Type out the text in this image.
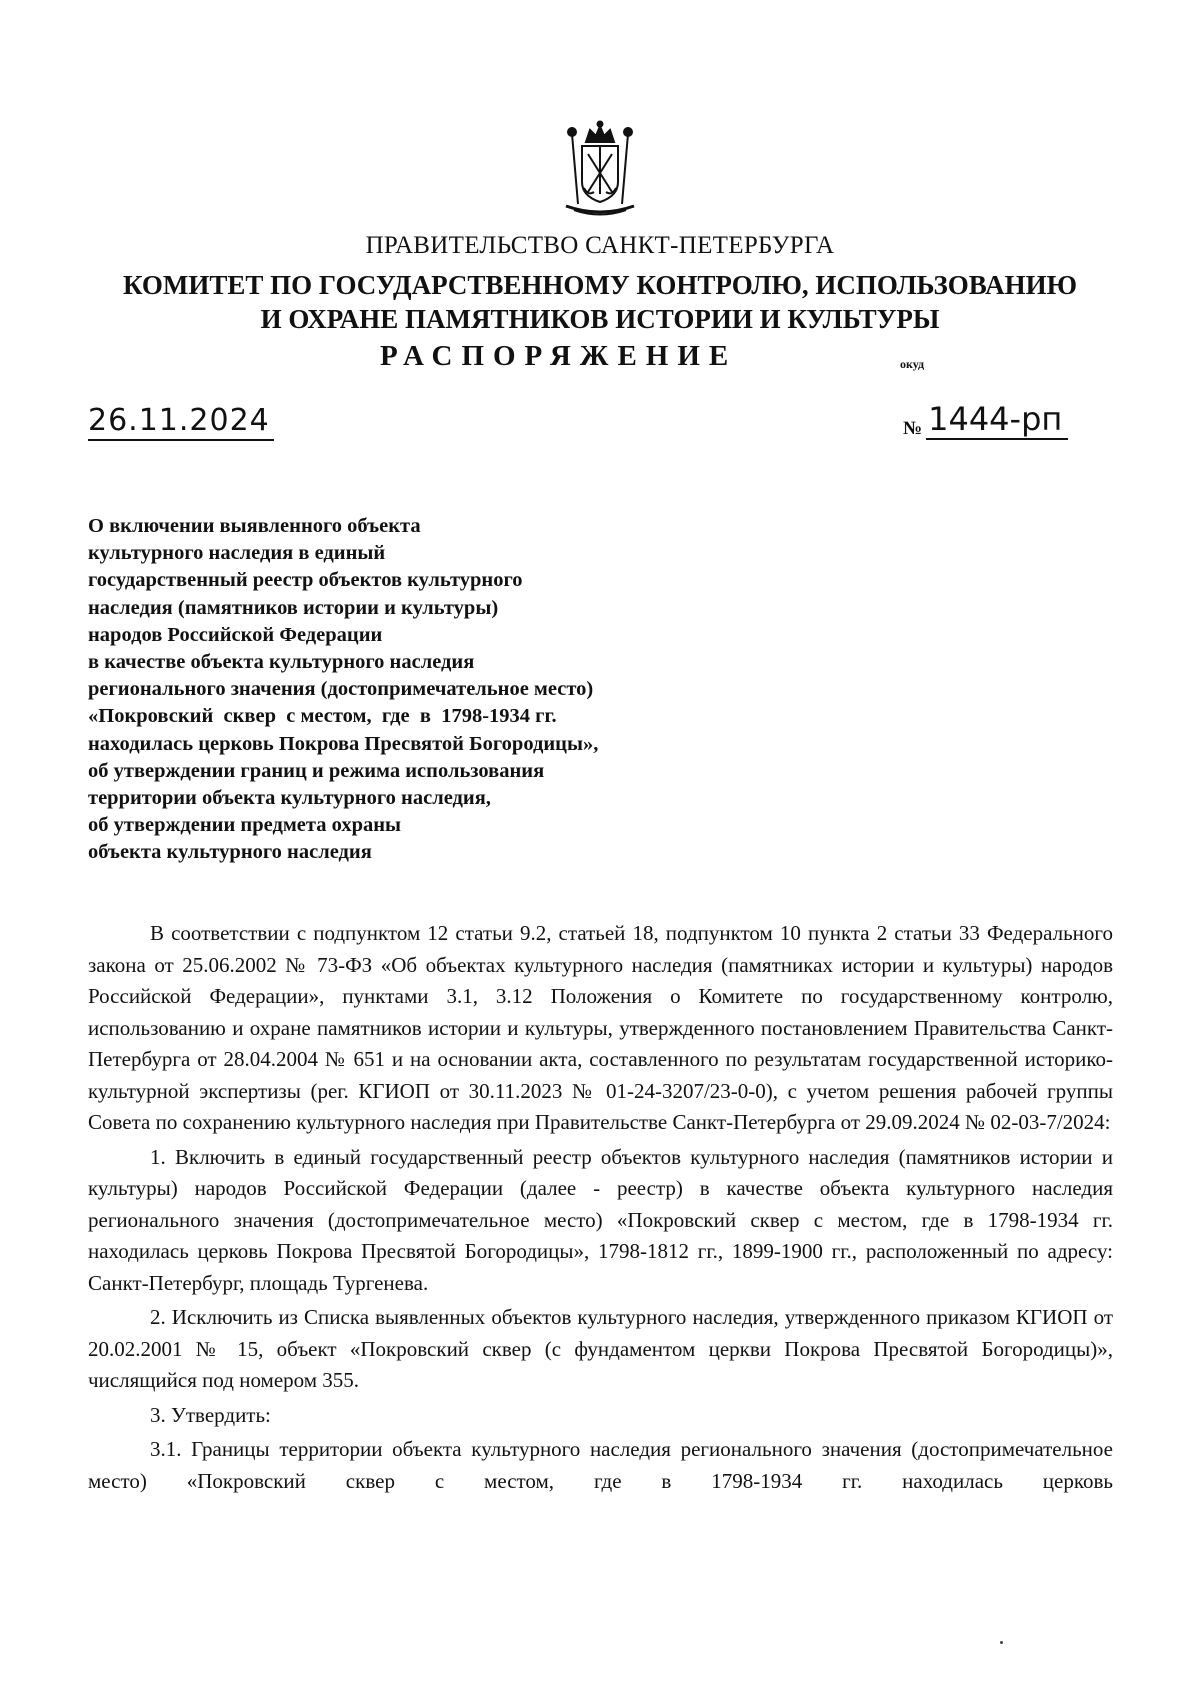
ПРАВИТЕЛЬСТВО САНКТ-ПЕТЕРБУРГА
КОМИТЕТ ПО ГОСУДАРСТВЕННОМУ КОНТРОЛЮ, ИСПОЛЬЗОВАНИЮ
И ОХРАНЕ ПАМЯТНИКОВ ИСТОРИИ И КУЛЬТУРЫ
РАСПОРЯЖЕНИЕ	окуд
26.11.2024	№ 1444-рп
О включении выявленного объекта
культурного наследия в единый
государственный реестр объектов культурного
наследия (памятников истории и культуры)
народов Российской Федерации
в качестве объекта культурного наследия
регионального значения (достопримечательное место)
«Покровский  сквер  с местом,  где  в  1798-1934 гг.
находилась церковь Покрова Пресвятой Богородицы»,
об утверждении границ и режима использования
территории объекта культурного наследия,
об утверждении предмета охраны
объекта культурного наследия

В соответствии с подпунктом 12 статьи 9.2, статьей 18, подпунктом 10 пункта 2 статьи 33 Федерального закона от 25.06.2002 № 73-ФЗ «Об объектах культурного наследия (памятниках истории и культуры) народов Российской Федерации», пунктами 3.1, 3.12 Положения о Комитете по государственному контролю, использованию и охране памятников истории и культуры, утвержденного постановлением Правительства Санкт-Петербурга от 28.04.2004 № 651 и на основании акта, составленного по результатам государственной историко-культурной экспертизы (рег. КГИОП от 30.11.2023 № 01-24-3207/23-0-0), с учетом решения рабочей группы Совета по сохранению культурного наследия при Правительстве Санкт-Петербурга от 29.09.2024 № 02-03-7/2024:

1. Включить в единый государственный реестр объектов культурного наследия (памятников истории и культуры) народов Российской Федерации (далее - реестр) в качестве объекта культурного наследия регионального значения (достопримечательное место) «Покровский сквер с местом, где в 1798-1934 гг. находилась церковь Покрова Пресвятой Богородицы», 1798-1812 гг., 1899-1900 гг., расположенный по адресу: Санкт-Петербург, площадь Тургенева.

2. Исключить из Списка выявленных объектов культурного наследия, утвержденного приказом КГИОП от 20.02.2001 № 15, объект «Покровский сквер (с фундаментом церкви Покрова Пресвятой Богородицы)», числящийся под номером 355.

3. Утвердить:

3.1. Границы территории объекта культурного наследия регионального значения (достопримечательное место) «Покровский сквер с местом, где в 1798-1934 гг. находилась церковь
